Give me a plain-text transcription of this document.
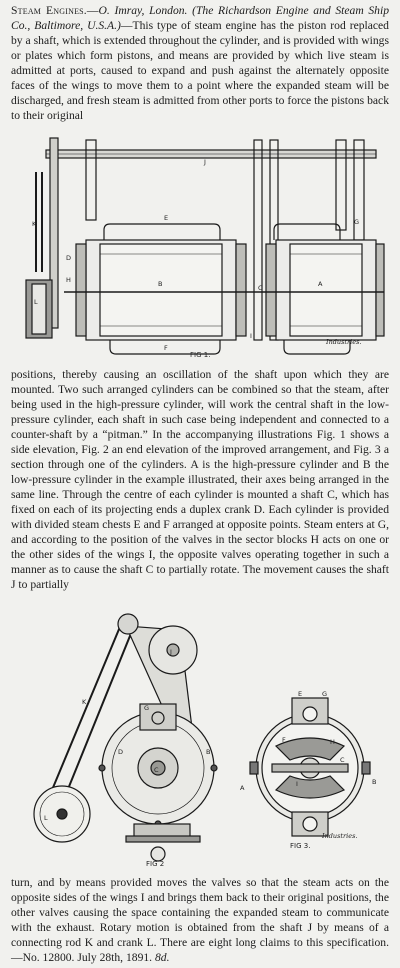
Steam Engines.—O. Imray, London. (The Richardson Engine and Steam Ship Co., Baltimore, U.S.A.)—This type of steam engine has the piston rod replaced by a shaft, which is extended throughout the cylinder, and is provided with wings or plates which form pistons, and means are provided by which live steam is admitted at ports, caused to expand and push against the alternately opposite faces of the wings to move them to a point where the expanded steam will be discharged, and fresh steam is admitted from other ports to force the pistons back to their original

J
K
E	G
D
H	B	A
C
L
F
I
Industries.
FIG 1.

positions, thereby causing an oscillation of the shaft upon which they are mounted. Two such arranged cylinders can be combined so that the steam, after being used in the high-pressure cylinder, will work the central shaft in the low-pressure cylinder, each shaft in such case being independent and connected to a counter-shaft by a “pitman.” In the accompanying illustrations Fig. 1 shows a side elevation, Fig. 2 an end elevation of the improved arrangement, and Fig. 3 a section through one of the cylinders. A is the high-pressure cylinder and B the low-pressure cylinder in the example illustrated, their axes being arranged in the same line. Through the centre of each cylinder is mounted a shaft C, which has fixed on each of its projecting ends a duplex crank D. Each cylinder is provided with divided steam chests E and F arranged at opposite points. Steam enters at G, and according to the position of the valves in the sector blocks H acts on one or the other sides of the wings I, the opposite valves operating together in such a manner as to cause the shaft C to partially rotate. The movement causes the shaft J to partially

J
K
C
D	B
L
G
FIG 2
E	G
H
F
C
I
A
B
Industries.
FIG 3.

turn, and by means provided moves the valves so that the steam acts on the opposite sides of the wings I and brings them back to their original positions, the other valves causing the space containing the expanded steam to communicate with the exhaust. Rotary motion is obtained from the shaft J by means of a connecting rod K and crank L. There are eight long claims to this specification.—No. 12800. July 28th, 1891. 8d.
